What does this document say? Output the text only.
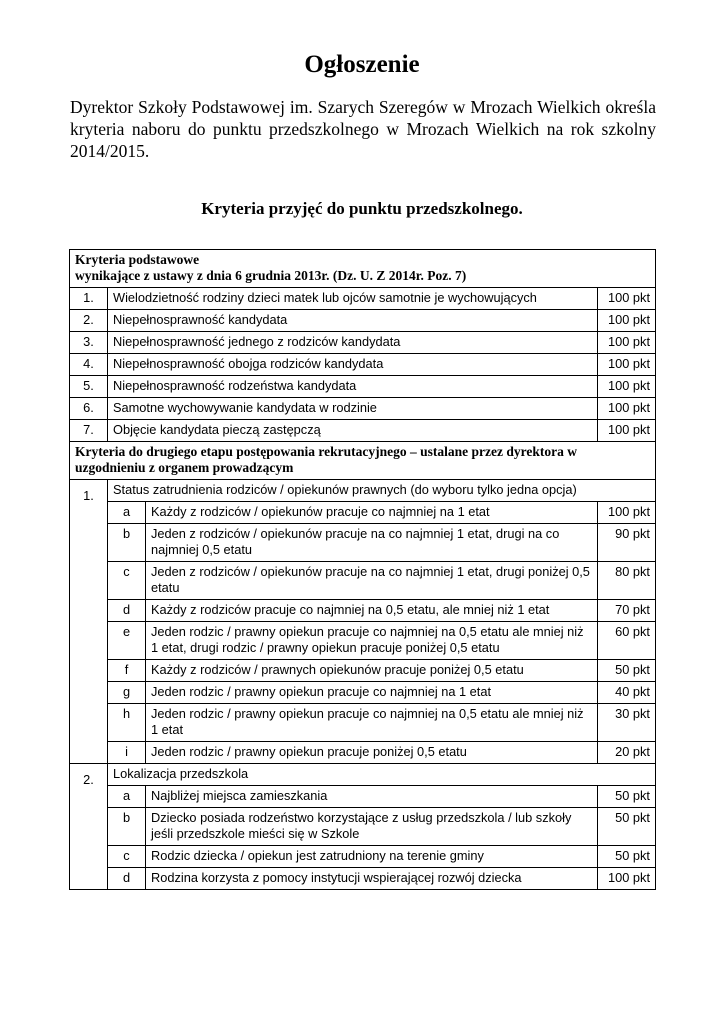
Ogłoszenie

Dyrektor Szkoły Podstawowej im. Szarych Szeregów w Mrozach Wielkich określa kryteria naboru do punktu przedszkolnego w Mrozach Wielkich na rok szkolny 2014/2015.

Kryteria przyjęć do punktu przedszkolnego.
Kryteria podstawowe
wynikające z ustawy z dnia 6 grudnia 2013r. (Dz. U. Z 2014r. Poz. 7)			

1.	Wielodzietność rodziny dzieci matek lub ojców samotnie je wychowujących		100 pkt
2.	Niepełnosprawność kandydata		100 pkt
3.	Niepełnosprawność jednego z rodziców kandydata		100 pkt
4.	Niepełnosprawność obojga rodziców kandydata		100 pkt
5.	Niepełnosprawność rodzeństwa kandydata		100 pkt
6.	Samotne wychowywanie kandydata w rodzinie		100 pkt
7.	Objęcie kandydata pieczą zastępczą		100 pkt
Kryteria do drugiego etapu postępowania rekrutacyjnego – ustalane przez dyrektora w uzgodnieniu z organem prowadzącym			
1.	Status zatrudnienia rodziców / opiekunów prawnych (do wyboru tylko jedna opcja)		
	a	Każdy z rodziców / opiekunów pracuje co najmniej na 1 etat	100 pkt
	b	Jeden z rodziców / opiekunów pracuje na co najmniej 1 etat, drugi na co najmniej 0,5 etatu	90 pkt
	c	Jeden z rodziców / opiekunów pracuje na co najmniej 1 etat, drugi poniżej 0,5 etatu	80 pkt
	d	Każdy z rodziców pracuje co najmniej na 0,5 etatu, ale mniej niż 1 etat	70 pkt
	e	Jeden rodzic / prawny opiekun pracuje co najmniej na 0,5 etatu ale mniej niż 1 etat, drugi rodzic / prawny opiekun pracuje poniżej 0,5 etatu	60 pkt
	f	Każdy z rodziców / prawnych opiekunów pracuje poniżej 0,5 etatu	50 pkt
	g	Jeden rodzic / prawny opiekun pracuje co najmniej na 1 etat	40 pkt
	h	Jeden rodzic / prawny opiekun pracuje co najmniej na 0,5 etatu ale mniej niż 1 etat	30 pkt
	i	Jeden rodzic / prawny opiekun pracuje poniżej 0,5 etatu	20 pkt
2.	Lokalizacja przedszkola		
	a	Najbliżej miejsca zamieszkania	50 pkt
	b	Dziecko posiada rodzeństwo korzystające z usług przedszkola / lub szkoły jeśli przedszkole mieści się w Szkole	50 pkt
	c	Rodzic dziecka / opiekun jest zatrudniony na terenie gminy	50 pkt
	d	Rodzina korzysta z pomocy instytucji wspierającej rozwój dziecka	100 pkt
